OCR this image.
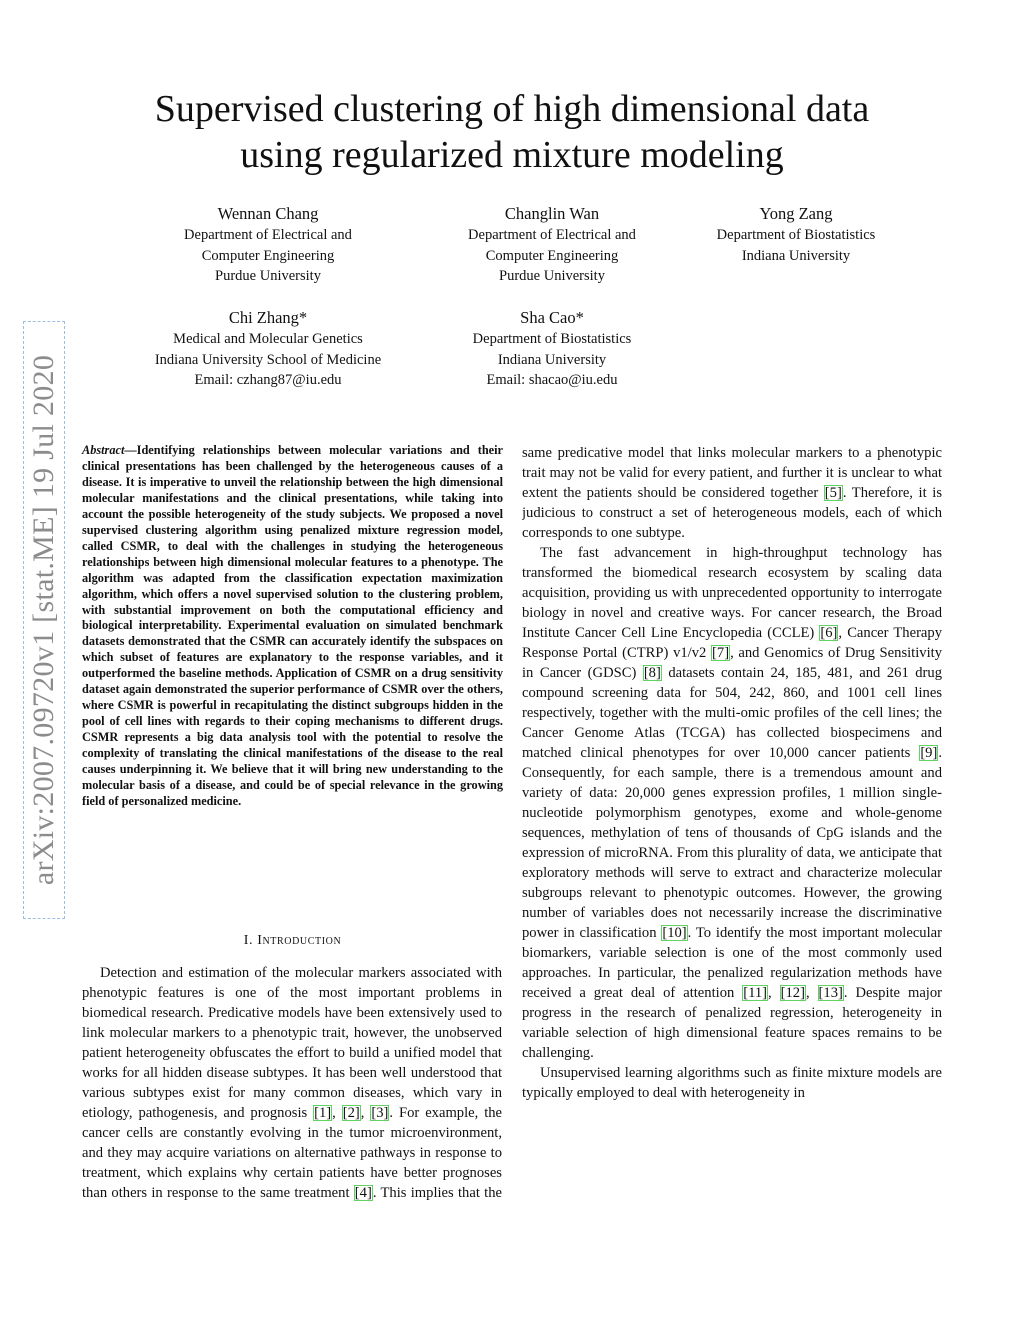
arXiv:2007.09720v1 [stat.ME] 19 Jul 2020
Supervised clustering of high dimensional data
using regularized mixture modeling
Wennan Chang
Department of Electrical and
Computer Engineering
Purdue University
Changlin Wan
Department of Electrical and
Computer Engineering
Purdue University
Yong Zang
Department of Biostatistics
Indiana University
Chi Zhang*
Medical and Molecular Genetics
Indiana University School of Medicine
Email: czhang87@iu.edu
Sha Cao*
Department of Biostatistics
Indiana University
Email: shacao@iu.edu

Abstract—Identifying relationships between molecular variations and their clinical presentations has been challenged by the heterogeneous causes of a disease. It is imperative to unveil the relationship between the high dimensional molecular manifestations and the clinical presentations, while taking into account the possible heterogeneity of the study subjects. We proposed a novel supervised clustering algorithm using penalized mixture regression model, called CSMR, to deal with the challenges in studying the heterogeneous relationships between high dimensional molecular features to a phenotype. The algorithm was adapted from the classification expectation maximization algorithm, which offers a novel supervised solution to the clustering problem, with substantial improvement on both the computational efficiency and biological interpretability. Experimental evaluation on simulated benchmark datasets demonstrated that the CSMR can accurately identify the subspaces on which subset of features are explanatory to the response variables, and it outperformed the baseline methods. Application of CSMR on a drug sensitivity dataset again demonstrated the superior performance of CSMR over the others, where CSMR is powerful in recapitulating the distinct subgroups hidden in the pool of cell lines with regards to their coping mechanisms to different drugs. CSMR represents a big data analysis tool with the potential to resolve the complexity of translating the clinical manifestations of the disease to the real causes underpinning it. We believe that it will bring new understanding to the molecular basis of a disease, and could be of special relevance in the growing field of personalized medicine.

I. Introduction

Detection and estimation of the molecular markers associated with phenotypic features is one of the most important problems in biomedical research. Predicative models have been extensively used to link molecular markers to a phenotypic trait, however, the unobserved patient heterogeneity obfuscates the effort to build a unified model that works for all hidden disease subtypes. It has been well understood that various subtypes exist for many common diseases, which vary in etiology, pathogenesis, and prognosis [1], [2], [3]. For example, the cancer cells are constantly evolving in the tumor microenvironment, and they may acquire variations on alternative pathways in response to treatment, which explains why certain patients have better prognoses than others in response to the same treatment [4]. This implies that the

same predicative model that links molecular markers to a phenotypic trait may not be valid for every patient, and further it is unclear to what extent the patients should be considered together [5]. Therefore, it is judicious to construct a set of heterogeneous models, each of which corresponds to one subtype.

The fast advancement in high-throughput technology has transformed the biomedical research ecosystem by scaling data acquisition, providing us with unprecedented opportunity to interrogate biology in novel and creative ways. For cancer research, the Broad Institute Cancer Cell Line Encyclopedia (CCLE) [6], Cancer Therapy Response Portal (CTRP) v1/v2 [7], and Genomics of Drug Sensitivity in Cancer (GDSC) [8] datasets contain 24, 185, 481, and 261 drug compound screening data for 504, 242, 860, and 1001 cell lines respectively, together with the multi-omic profiles of the cell lines; the Cancer Genome Atlas (TCGA) has collected biospecimens and matched clinical phenotypes for over 10,000 cancer patients [9]. Consequently, for each sample, there is a tremendous amount and variety of data: 20,000 genes expression profiles, 1 million single-nucleotide polymorphism genotypes, exome and whole-genome sequences, methylation of tens of thousands of CpG islands and the expression of microRNA. From this plurality of data, we anticipate that exploratory methods will serve to extract and characterize molecular subgroups relevant to phenotypic outcomes. However, the growing number of variables does not necessarily increase the discriminative power in classification [10]. To identify the most important molecular biomarkers, variable selection is one of the most commonly used approaches. In particular, the penalized regularization methods have received a great deal of attention [11], [12], [13]. Despite major progress in the research of penalized regression, heterogeneity in variable selection of high dimensional feature spaces remains to be challenging.

Unsupervised learning algorithms such as finite mixture models are typically employed to deal with heterogeneity in
